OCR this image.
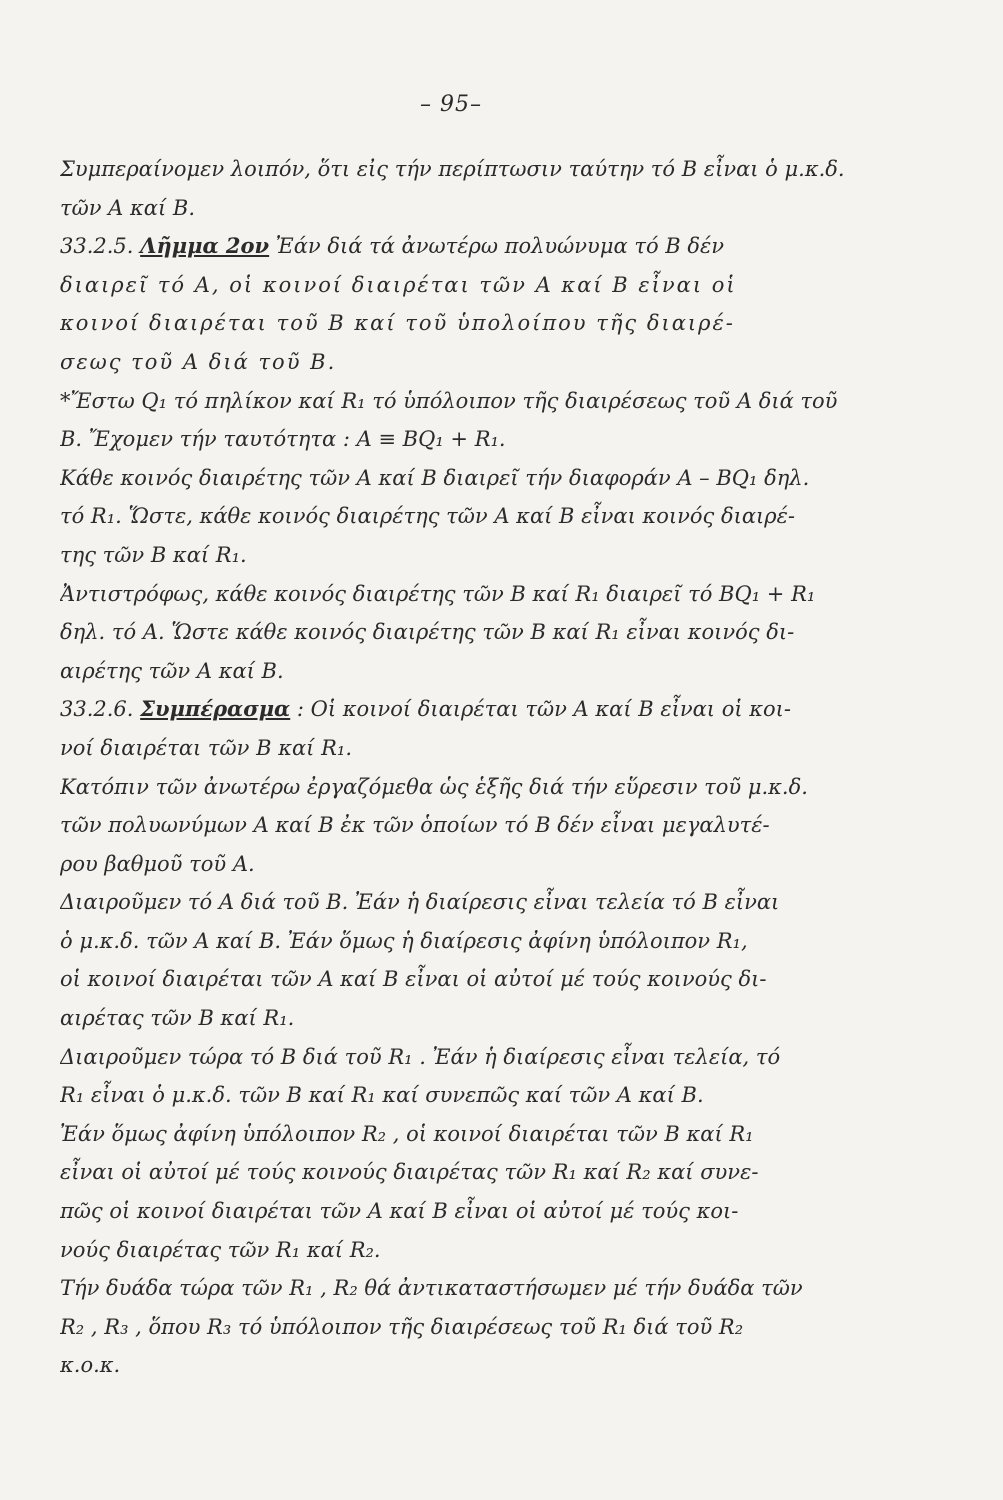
– 95–
Συμπεραίνομεν λοιπόν, ὅτι εἰς τήν περίπτωσιν ταύτην τό Β εἶναι ὁ μ.κ.δ.
τῶν Α καί Β.
33.2.5. Λῆμμα 2ον Ἐάν διά τά ἀνωτέρω πολυώνυμα τό Β δέν
διαιρεῖ τό Α, οἱ κοινοί διαιρέται τῶν Α καί Β εἶναι οἱ
κοινοί διαιρέται τοῦ Β καί τοῦ ὑπολοίπου τῆς διαιρέ-
σεως τοῦ Α διά τοῦ Β.
*Ἔστω Q₁ τό πηλίκον καί R₁ τό ὑπόλοιπον τῆς διαιρέσεως τοῦ Α διά τοῦ
Β. Ἔχομεν τήν ταυτότητα : Α ≡ ΒQ₁ + R₁.
Κάθε κοινός διαιρέτης τῶν Α καί Β διαιρεῖ τήν διαφοράν Α – ΒQ₁ δηλ.
τό R₁. Ὥστε, κάθε κοινός διαιρέτης τῶν Α καί Β εἶναι κοινός διαιρέ-
της τῶν Β καί R₁.
Ἀντιστρόφως, κάθε κοινός διαιρέτης τῶν Β καί R₁ διαιρεῖ τό ΒQ₁ + R₁
δηλ. τό Α. Ὥστε κάθε κοινός διαιρέτης τῶν Β καί R₁ εἶναι κοινός δι-
αιρέτης τῶν Α καί Β.
33.2.6. Συμπέρασμα : Οἱ κοινοί διαιρέται τῶν Α καί Β εἶναι οἱ κοι-
νοί διαιρέται τῶν Β καί R₁.
Κατόπιν τῶν ἀνωτέρω ἐργαζόμεθα ὡς ἑξῆς διά τήν εὕρεσιν τοῦ μ.κ.δ.
τῶν πολυωνύμων Α καί Β ἐκ τῶν ὁποίων τό Β δέν εἶναι μεγαλυτέ-
ρου βαθμοῦ τοῦ Α.
Διαιροῦμεν τό Α διά τοῦ Β. Ἐάν ἡ διαίρεσις εἶναι τελεία τό Β εἶναι
ὁ μ.κ.δ. τῶν Α καί Β. Ἐάν ὅμως ἡ διαίρεσις ἀφίνη ὑπόλοιπον R₁,
οἱ κοινοί διαιρέται τῶν Α καί Β εἶναι οἱ αὐτοί μέ τούς κοινούς δι-
αιρέτας τῶν Β καί R₁.
Διαιροῦμεν τώρα τό Β διά τοῦ R₁ . Ἐάν ἡ διαίρεσις εἶναι τελεία, τό
R₁ εἶναι ὁ μ.κ.δ. τῶν Β καί R₁ καί συνεπῶς καί τῶν Α καί Β.
Ἐάν ὅμως ἀφίνη ὑπόλοιπον R₂ , οἱ κοινοί διαιρέται τῶν Β καί R₁
εἶναι οἱ αὐτοί μέ τούς κοινούς διαιρέτας τῶν R₁ καί R₂ καί συνε-
πῶς οἱ κοινοί διαιρέται τῶν Α καί Β εἶναι οἱ αὐτοί μέ τούς κοι-
νούς διαιρέτας τῶν R₁ καί R₂.
Τήν δυάδα τώρα τῶν R₁ , R₂ θά ἀντικαταστήσωμεν μέ τήν δυάδα τῶν
R₂ , R₃ , ὅπου R₃ τό ὑπόλοιπον τῆς διαιρέσεως τοῦ R₁ διά τοῦ R₂
κ.ο.κ.
